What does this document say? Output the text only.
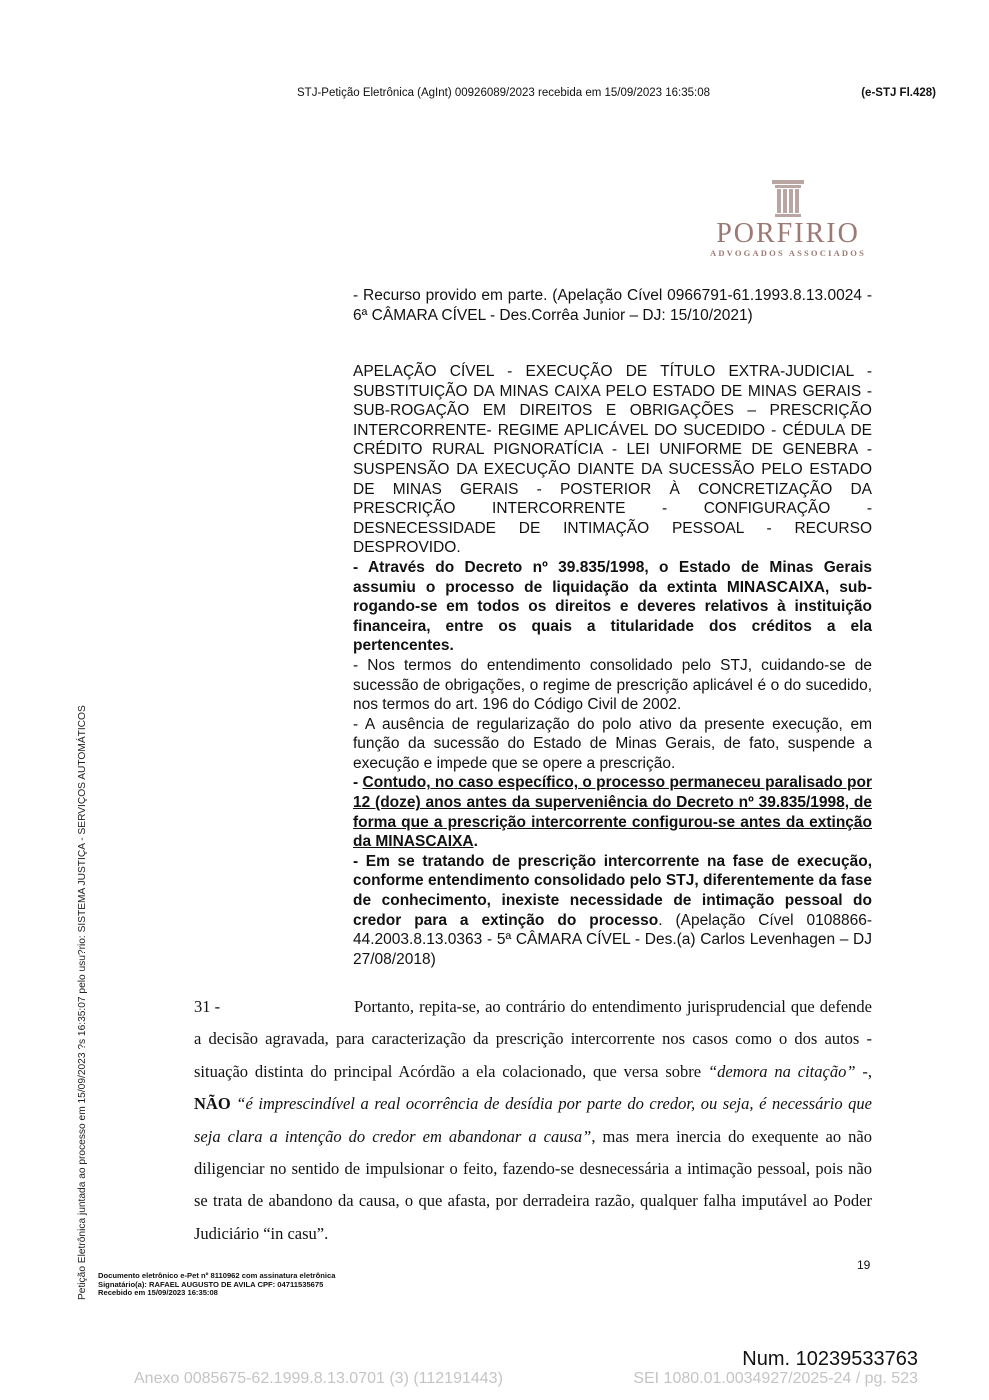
STJ-Petição Eletrônica (AgInt) 00926089/2023 recebida em 15/09/2023 16:35:08	(e-STJ Fl.428)
PORFIRIO
ADVOGADOS ASSOCIADOS

- Recurso provido em parte. (Apelação Cível 0966791-61.1993.8.13.0024 - 6ª CÂMARA CÍVEL - Des.Corrêa Junior – DJ: 15/10/2021)

APELAÇÃO CÍVEL - EXECUÇÃO DE TÍTULO EXTRA-JUDICIAL - SUBSTITUIÇÃO DA MINAS CAIXA PELO ESTADO DE MINAS GERAIS - SUB-ROGAÇÃO EM DIREITOS E OBRIGAÇÕES – PRESCRIÇÃO INTERCORRENTE- REGIME APLICÁVEL DO SUCEDIDO - CÉDULA DE CRÉDITO RURAL PIGNORATÍCIA - LEI UNIFORME DE GENEBRA - SUSPENSÃO DA EXECUÇÃO DIANTE DA SUCESSÃO PELO ESTADO DE MINAS GERAIS - POSTERIOR À CONCRETIZAÇÃO DA PRESCRIÇÃO INTERCORRENTE - CONFIGURAÇÃO - DESNECESSIDADE DE INTIMAÇÃO PESSOAL - RECURSO DESPROVIDO.

- Através do Decreto nº 39.835/1998, o Estado de Minas Gerais assumiu o processo de liquidação da extinta MINASCAIXA, sub-rogando-se em todos os direitos e deveres relativos à instituição financeira, entre os quais a titularidade dos créditos a ela pertencentes.

- Nos termos do entendimento consolidado pelo STJ, cuidando-se de sucessão de obrigações, o regime de prescrição aplicável é o do sucedido, nos termos do art. 196 do Código Civil de 2002.

- A ausência de regularização do polo ativo da presente execução, em função da sucessão do Estado de Minas Gerais, de fato, suspende a execução e impede que se opere a prescrição.

- Contudo, no caso específico, o processo permaneceu paralisado por 12 (doze) anos antes da superveniência do Decreto nº 39.835/1998, de forma que a prescrição intercorrente configurou-se antes da extinção da MINASCAIXA.

- Em se tratando de prescrição intercorrente na fase de execução, conforme entendimento consolidado pelo STJ, diferentemente da fase de conhecimento, inexiste necessidade de intimação pessoal do credor para a extinção do processo. (Apelação Cível 0108866-44.2003.8.13.0363 - 5ª CÂMARA CÍVEL - Des.(a) Carlos Levenhagen – DJ 27/08/2018)

31 -	Portanto, repita-se, ao contrário do entendimento jurisprudencial que defende a decisão agravada, para caracterização da prescrição intercorrente nos casos como o dos autos - situação distinta do principal Acórdão a ela colacionado, que versa sobre “demora na citação” -, NÃO “é imprescindível a real ocorrência de desídia por parte do credor, ou seja, é necessário que seja clara a intenção do credor em abandonar a causa”, mas mera inercia do exequente ao não diligenciar no sentido de impulsionar o feito, fazendo-se desnecessária a intimação pessoal, pois não se trata de abandono da causa, o que afasta, por derradeira razão, qualquer falha imputável ao Poder Judiciário “in casu”.
Petição Eletrônica juntada ao processo em 15/09/2023 ?s 16:35:07 pelo usu?rio: SISTEMA JUSTIÇA - SERVIÇOS AUTOMÁTICOS Documento eletrônico e-Pet nº 8110962 com assinatura eletrônica
Signatário(a): RAFAEL AUGUSTO DE AVILA CPF: 04711535675
Recebido em 15/09/2023 16:35:08
19
Num. 10239533763
Anexo 0085675-62.1999.8.13.0701 (3) (112191443)	SEI 1080.01.0034927/2025-24 / pg. 523
